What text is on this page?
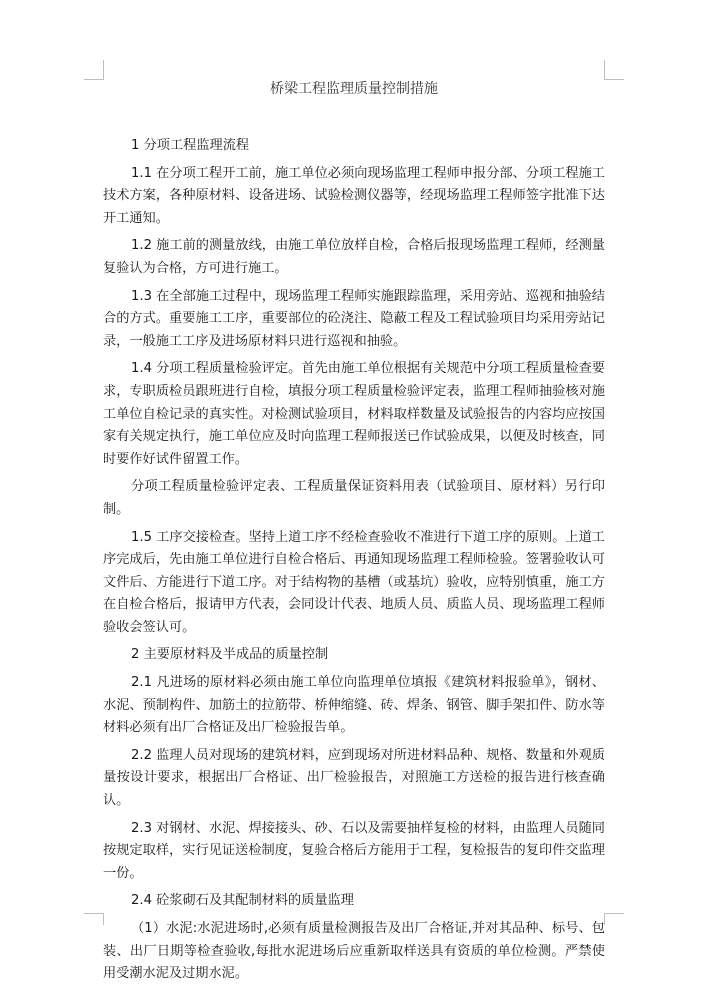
桥梁工程监理质量控制措施

1 分项工程监理流程

1.1 在分项工程开工前，施工单位必须向现场监理工程师申报分部、分项工程施工技术方案，各种原材料、设备进场、试验检测仪器等，经现场监理工程师签字批准下达开工通知。

1.2 施工前的测量放线，由施工单位放样自检，合格后报现场监理工程师，经测量复验认为合格，方可进行施工。

1.3 在全部施工过程中，现场监理工程师实施跟踪监理，采用旁站、巡视和抽验结合的方式。重要施工工序，重要部位的砼浇注、隐蔽工程及工程试验项目均采用旁站记录，一般施工工序及进场原材料只进行巡视和抽验。

1.4 分项工程质量检验评定。首先由施工单位根据有关规范中分项工程质量检查要求，专职质检员跟班进行自检，填报分项工程质量检验评定表，监理工程师抽验核对施工单位自检记录的真实性。对检测试验项目，材料取样数量及试验报告的内容均应按国家有关规定执行，施工单位应及时向监理工程师报送已作试验成果，以便及时核查，同时要作好试件留置工作。

分项工程质量检验评定表、工程质量保证资料用表（试验项目、原材料）另行印制。

1.5 工序交接检查。坚持上道工序不经检查验收不准进行下道工序的原则。上道工序完成后，先由施工单位进行自检合格后、再通知现场监理工程师检验。签署验收认可文件后、方能进行下道工序。对于结构物的基槽（或基坑）验收，应特别慎重，施工方在自检合格后，报请甲方代表，会同设计代表、地质人员、质监人员、现场监理工程师验收会签认可。

2 主要原材料及半成品的质量控制

2.1 凡进场的原材料必须由施工单位向监理单位填报《建筑材料报验单》，钢材、水泥、预制构件、加筋土的拉筋带、桥伸缩缝、砖、焊条、钢管、脚手架扣件、防水等材料必须有出厂合格证及出厂检验报告单。

2.2 监理人员对现场的建筑材料，应到现场对所进材料品种、规格、数量和外观质量按设计要求，根据出厂合格证、出厂检验报告，对照施工方送检的报告进行核查确认。

2.3 对钢材、水泥、焊接接头、砂、石以及需要抽样复检的材料，由监理人员随同按规定取样，实行见证送检制度，复验合格后方能用于工程，复检报告的复印件交监理一份。

2.4 砼浆砌石及其配制材料的质量监理

（1）水泥:水泥进场时,必须有质量检测报告及出厂合格证,并对其品种、标号、包装、出厂日期等检查验收,每批水泥进场后应重新取样送具有资质的单位检测。严禁使用受潮水泥及过期水泥。
